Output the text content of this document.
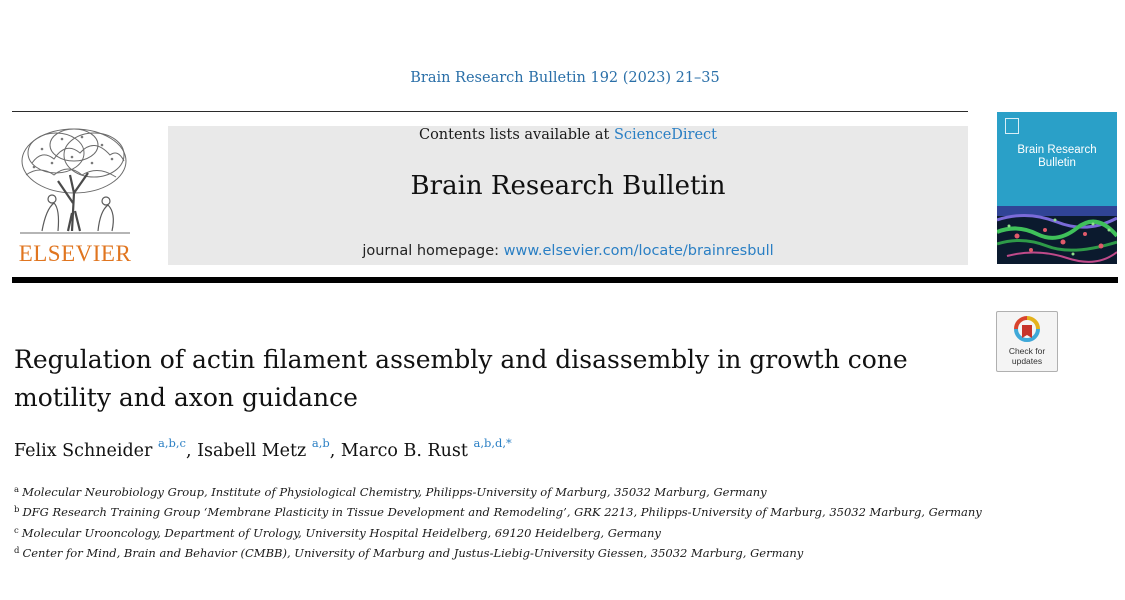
Brain Research Bulletin 192 (2023) 21–35
ELSEVIER
Contents lists available at ScienceDirect
Brain Research Bulletin
journal homepage: www.elsevier.com/locate/brainresbull
Brain Research Bulletin
Check for
updates
Regulation of actin filament assembly and disassembly in growth cone motility and axon guidance
Felix Schneider $^{a,b,c}$, Isabell Metz $^{a,b}$, Marco B. Rust $^{a,b,d,*}$
$^a$ Molecular Neurobiology Group, Institute of Physiological Chemistry, Philipps-University of Marburg, 35032 Marburg, Germany
$^b$ DFG Research Training Group ‘Membrane Plasticity in Tissue Development and Remodeling’, GRK 2213, Philipps-University of Marburg, 35032 Marburg, Germany
$^c$ Molecular Urooncology, Department of Urology, University Hospital Heidelberg, 69120 Heidelberg, Germany
$^d$ Center for Mind, Brain and Behavior (CMBB), University of Marburg and Justus-Liebig-University Giessen, 35032 Marburg, Germany
